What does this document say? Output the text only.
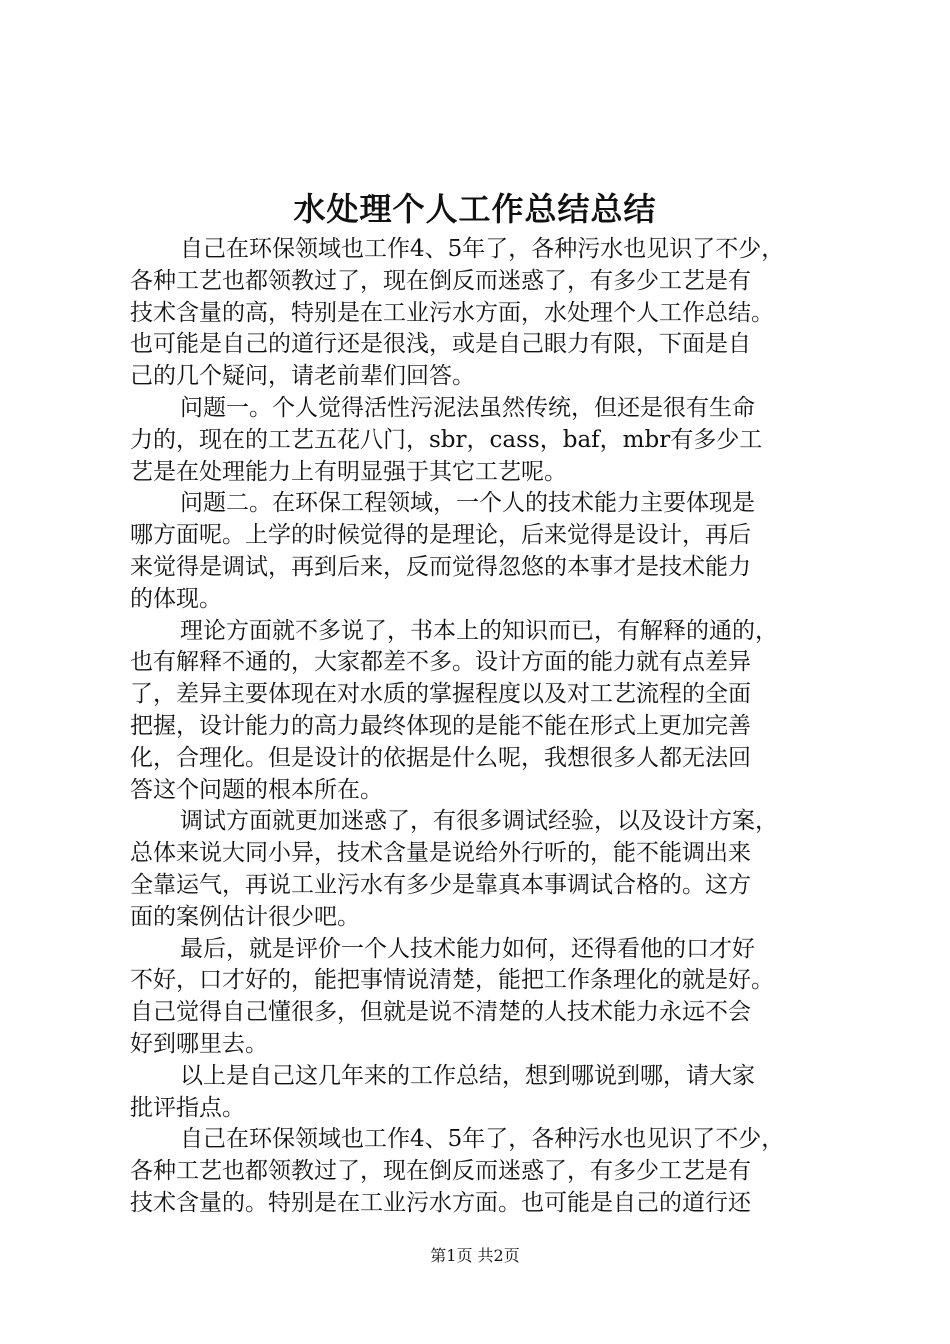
水处理个人工作总结总结
自己在环保领域也工作4、5年了，各种污水也见识了不少，
各种工艺也都领教过了，现在倒反而迷惑了，有多少工艺是有
技术含量的高，特别是在工业污水方面，水处理个人工作总结。
也可能是自己的道行还是很浅，或是自己眼力有限，下面是自
己的几个疑问，请老前辈们回答。
问题一。个人觉得活性污泥法虽然传统，但还是很有生命
力的，现在的工艺五花八门，sbr，cass，baf，mbr有多少工
艺是在处理能力上有明显强于其它工艺呢。
问题二。在环保工程领域，一个人的技术能力主要体现是
哪方面呢。上学的时候觉得的是理论，后来觉得是设计，再后
来觉得是调试，再到后来，反而觉得忽悠的本事才是技术能力
的体现。
理论方面就不多说了，书本上的知识而已，有解释的通的，
也有解释不通的，大家都差不多。设计方面的能力就有点差异
了，差异主要体现在对水质的掌握程度以及对工艺流程的全面
把握，设计能力的高力最终体现的是能不能在形式上更加完善
化，合理化。但是设计的依据是什么呢，我想很多人都无法回
答这个问题的根本所在。
调试方面就更加迷惑了，有很多调试经验，以及设计方案，
总体来说大同小异，技术含量是说给外行听的，能不能调出来
全靠运气，再说工业污水有多少是靠真本事调试合格的。这方
面的案例估计很少吧。
最后，就是评价一个人技术能力如何，还得看他的口才好
不好，口才好的，能把事情说清楚，能把工作条理化的就是好。
自己觉得自己懂很多，但就是说不清楚的人技术能力永远不会
好到哪里去。
以上是自己这几年来的工作总结，想到哪说到哪，请大家
批评指点。
自己在环保领域也工作4、5年了，各种污水也见识了不少，
各种工艺也都领教过了，现在倒反而迷惑了，有多少工艺是有
技术含量的。特别是在工业污水方面。也可能是自己的道行还
第1页 共2页
